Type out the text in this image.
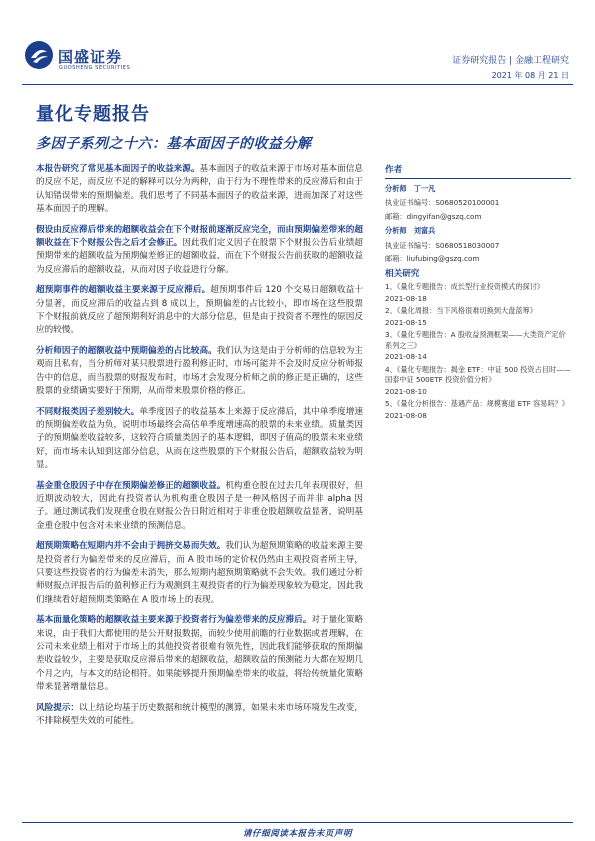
国盛证券
GUOSHENG SECURITIES
证券研究报告 | 金融工程研究
2021 年 08 月 21 日
量化专题报告
多因子系列之十六：基本面因子的收益分解

本报告研究了常见基本面因子的收益来源。基本面因子的收益来源于市场对基本面信息的反应不足，而反应不足的解释可以分为两种，由于行为不理性带来的反应滞后和由于认知错误带来的预期偏差。我们思考了不同基本面因子的收益来源，进而加深了对这些基本面因子的理解。

假设由反应滞后带来的超额收益会在下个财报前逐渐反应完全，而由预期偏差带来的超额收益在下个财报公告之后才会修正。因此我们定义因子在股票下个财报公告后业绩超预期带来的超额收益为预期偏差修正的超额收益，而在下个财报公告前获取的超额收益为反应滞后的超额收益，从而对因子收益进行分解。

超预期事件的超额收益主要来源于反应滞后。超预期事件后 120 个交易日超额收益十分显著，而反应滞后的收益占到 8 成以上，预期偏差的占比较小，即市场在这些股票下个财报前就反应了超预期利好消息中的大部分信息，但是由于投资者不理性的原因反应的较慢。

分析师因子的超额收益中预期偏差的占比较高。我们认为这是由于分析师的信息较为主观而且私有，当分析师对某只股票进行盈利修正时，市场可能并不会及时反应分析师报告中的信息，而当股票的财报发布时，市场才会发现分析师之前的修正是正确的，这些股票的业绩确实要好于预期，从而带来股票价格的修正。

不同财报类因子差别较大。单季度因子的收益基本上来源于反应滞后，其中单季度增速的预期偏差收益为负，说明市场最终会高估单季度增速高的股票的未来业绩。质量类因子的预期偏差收益较多，这较符合质量类因子的基本逻辑，即因子值高的股票未来业绩好，而市场未认知到这部分信息，从而在这些股票的下个财报公告后，超额收益较为明显。

基金重仓股因子中存在预期偏差修正的超额收益。机构重仓股在过去几年表现很好，但近期波动较大，因此有投资者认为机构重仓股因子是一种风格因子而并非 alpha 因子。通过测试我们发现重仓股在财报公告日附近相对于非重仓股超额收益显著，说明基金重仓股中包含对未来业绩的预测信息。

超预期策略在短期内并不会由于拥挤交易而失效。我们认为超预期策略的收益来源主要是投资者行为偏差带来的反应滞后，而 A 股市场的定价权仍然由主观投资者所主导，只要这些投资者的行为偏差未消失，那么短期内超预期策略就不会失效。我们通过分析师财报点评报告后的盈利修正行为观测到主观投资者的行为偏差现象较为稳定，因此我们继续看好超预期类策略在 A 股市场上的表现。

基本面量化策略的超额收益主要来源于投资者行为偏差带来的反应滞后。对于量化策略来说，由于我们大都使用的是公开财报数据，而较少使用前瞻的行业数据或者理解，在公司未来业绩上相对于市场上的其他投资者很难有领先性，因此我们能够获取的预期偏差收益较少，主要是获取反应滞后带来的超额收益，超额收益的预测能力大都在短期几个月之内，与本文的结论相符。如果能够提升预期偏差带来的收益，将给传统量化策略带来显著增量信息。

风险提示：以上结论均基于历史数据和统计模型的测算，如果未来市场环境发生改变，不排除模型失效的可能性。

作者
分析师　丁一凡
执业证书编号：S0680520100001
邮箱：dingyifan@gszq.com
分析师　刘富兵
执业证书编号：S0680518030007
邮箱：liufubing@gszq.com
相关研究
1、《量化专题报告：成长型行业投资模式的探讨》
2021-08-18
2、《量化周报：当下风格很难切换到大盘蓝筹》
2021-08-15
3、《量化专题报告：A 股收益预测框架——大类资产定价系列之三》
2021-08-14
4、《量化专题报告：揭金 ETF：中证 500 投资占目时——国泰中证 500ETF 投资价值分析》
2021-08-10
5、《量化分析报告：基遇产品：规模赛道 ETF 容易吗？》
2021-08-08
请仔细阅读本报告末页声明
